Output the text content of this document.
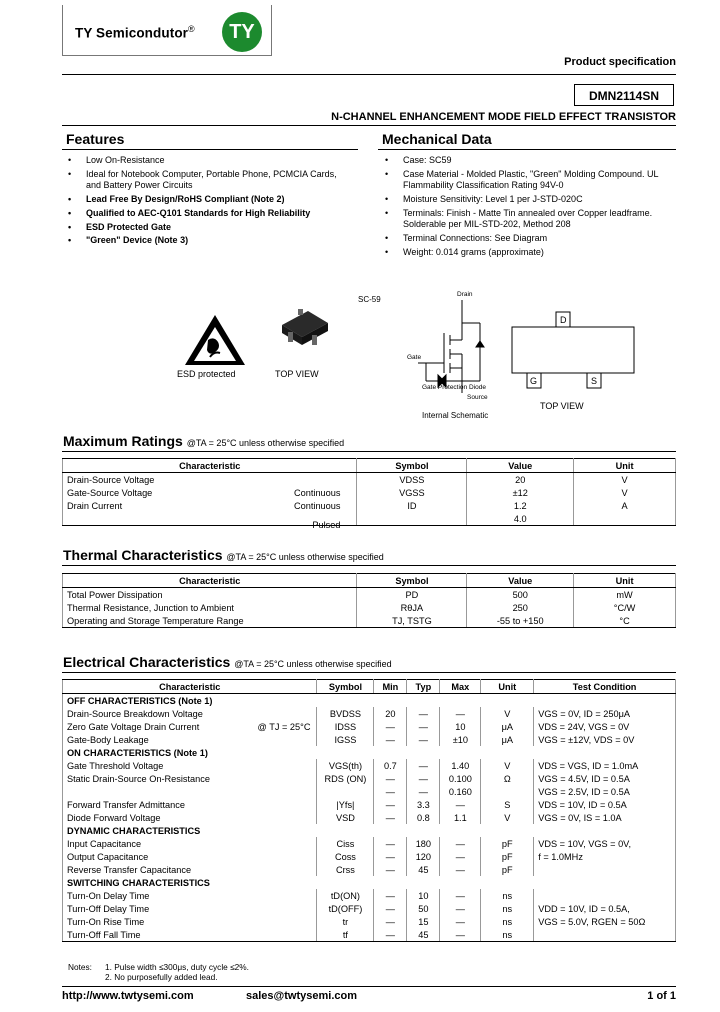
TY Semicondutor®	TY
Product specification
DMN2114SN
N-CHANNEL ENHANCEMENT MODE FIELD EFFECT TRANSISTOR
Features
• Low On-Resistance
• Ideal for Notebook Computer, Portable Phone, PCMCIA Cards, and Battery Power Circuits
• Lead Free By Design/RoHS Compliant (Note 2)
• Qualified to AEC-Q101 Standards for High Reliability
• ESD Protected Gate
• "Green" Device (Note 3)
Mechanical Data
• Case: SC59
• Case Material - Molded Plastic, "Green" Molding Compound. UL Flammability Classification Rating 94V-0
• Moisture Sensitivity: Level 1 per J-STD-020C
• Terminals: Finish - Matte Tin annealed over Copper leadframe. Solderable per MIL-STD-202, Method 208
• Terminal Connections: See Diagram
• Weight: 0.014 grams (approximate)
ESD protected	TOP VIEW
SC-59
Drain
Gate
Gate Protection Diode
Source
Internal Schematic
D
G	S
TOP VIEW
Maximum Ratings @TA = 25°C unless otherwise specified
Characteristic	Symbol	Value	Unit
Drain-Source Voltage	VDSS	20	V
Gate-Source Voltage Continuous	VGSS	±12	V
Drain Current Continuous	ID	1.2	A

Pulsed		4.0	
Thermal Characteristics @TA = 25°C unless otherwise specified
Characteristic	Symbol	Value	Unit
Total Power Dissipation	PD	500	mW
Thermal Resistance, Junction to Ambient	RθJA	250	°C/W
Operating and Storage Temperature Range	TJ, TSTG	-55 to +150	°C
Electrical Characteristics @TA = 25°C unless otherwise specified
Characteristic	Symbol	Min	Typ	Max	Unit	Test Condition
OFF CHARACTERISTICS (Note 1)						
Drain-Source Breakdown Voltage	BVDSS	20	—	—	V	VGS = 0V, ID = 250μA
Zero Gate Voltage Drain Current @ TJ = 25°C	IDSS	—	—	10	μA	VDS = 24V, VGS = 0V
Gate-Body Leakage	IGSS	—	—	±10	μA	VGS = ±12V, VDS = 0V
ON CHARACTERISTICS (Note 1)						
Gate Threshold Voltage	VGS(th)	0.7	—	1.40	V	VDS = VGS, ID = 1.0mA
Static Drain-Source On-Resistance	RDS (ON)	—	—	0.100	Ω	VGS = 4.5V, ID = 0.5A
		—	—	0.160		VGS = 2.5V, ID = 0.5A
Forward Transfer Admittance	|Yfs|	—	3.3	—	S	VDS = 10V, ID = 0.5A
Diode Forward Voltage	VSD	—	0.8	1.1	V	VGS = 0V, IS = 1.0A
DYNAMIC CHARACTERISTICS						
Input Capacitance	Ciss	—	180	—	pF	VDS = 10V, VGS = 0V,
Output Capacitance	Coss	—	120	—	pF	f = 1.0MHz
Reverse Transfer Capacitance	Crss	—	45	—	pF	
SWITCHING CHARACTERISTICS						
Turn-On Delay Time	tD(ON)	—	10	—	ns	
Turn-Off Delay Time	tD(OFF)	—	50	—	ns	VDD = 10V, ID = 0.5A,
Turn-On Rise Time	tr	—	15	—	ns	VGS = 5.0V, RGEN = 50Ω
Turn-Off Fall Time	tf	—	45	—	ns	
Notes: 1. Pulse width ≤300μs, duty cycle ≤2%.
2. No purposefully added lead.
http://www.twtysemi.com	sales@twtysemi.com	1 of 1
